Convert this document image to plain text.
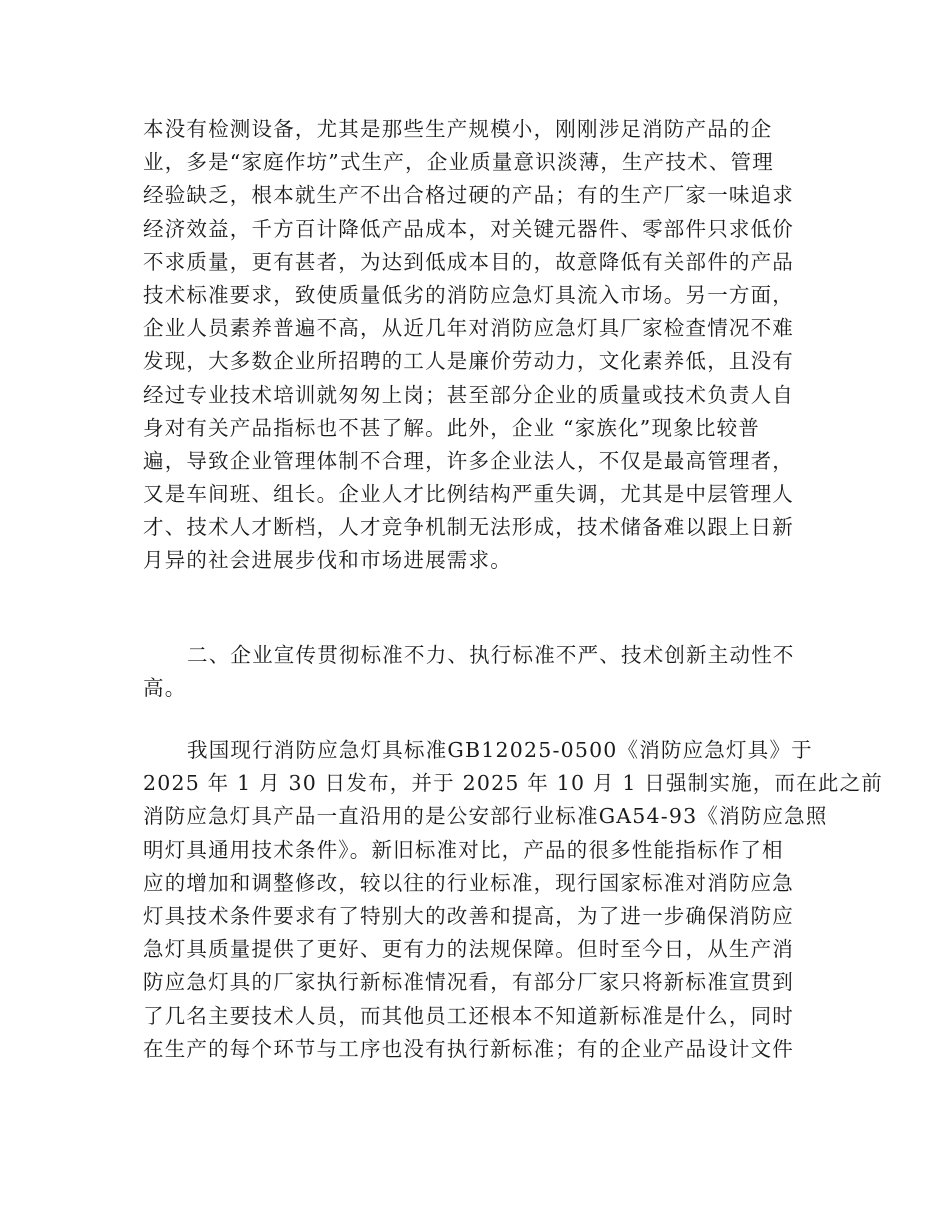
本没有检测设备，尤其是那些生产规模小，刚刚涉足消防产品的企
业，多是“家庭作坊”式生产，企业质量意识淡薄，生产技术、管理
经验缺乏，根本就生产不出合格过硬的产品；有的生产厂家一味追求
经济效益，千方百计降低产品成本，对关键元器件、零部件只求低价
不求质量，更有甚者，为达到低成本目的，故意降低有关部件的产品
技术标准要求，致使质量低劣的消防应急灯具流入市场。另一方面，
企业人员素养普遍不高，从近几年对消防应急灯具厂家检查情况不难
发现，大多数企业所招聘的工人是廉价劳动力，文化素养低，且没有
经过专业技术培训就匆匆上岗；甚至部分企业的质量或技术负责人自
身对有关产品指标也不甚了解。此外，企业 “家族化”现象比较普
遍，导致企业管理体制不合理，许多企业法人，不仅是最高管理者，
又是车间班、组长。企业人才比例结构严重失调，尤其是中层管理人
才、技术人才断档，人才竞争机制无法形成，技术储备难以跟上日新
月异的社会进展步伐和市场进展需求。
二、企业宣传贯彻标准不力、执行标准不严、技术创新主动性不
高。
我国现行消防应急灯具标准GB12025-0500《消防应急灯具》于
2025 年 1 月 30 日发布，并于 2025 年 10 月 1 日强制实施，而在此之前
消防应急灯具产品一直沿用的是公安部行业标准GA54-93《消防应急照
明灯具通用技术条件》。新旧标准对比，产品的很多性能指标作了相
应的增加和调整修改，较以往的行业标准，现行国家标准对消防应急
灯具技术条件要求有了特别大的改善和提高，为了进一步确保消防应
急灯具质量提供了更好、更有力的法规保障。但时至今日，从生产消
防应急灯具的厂家执行新标准情况看，有部分厂家只将新标准宣贯到
了几名主要技术人员，而其他员工还根本不知道新标准是什么，同时
在生产的每个环节与工序也没有执行新标准；有的企业产品设计文件
